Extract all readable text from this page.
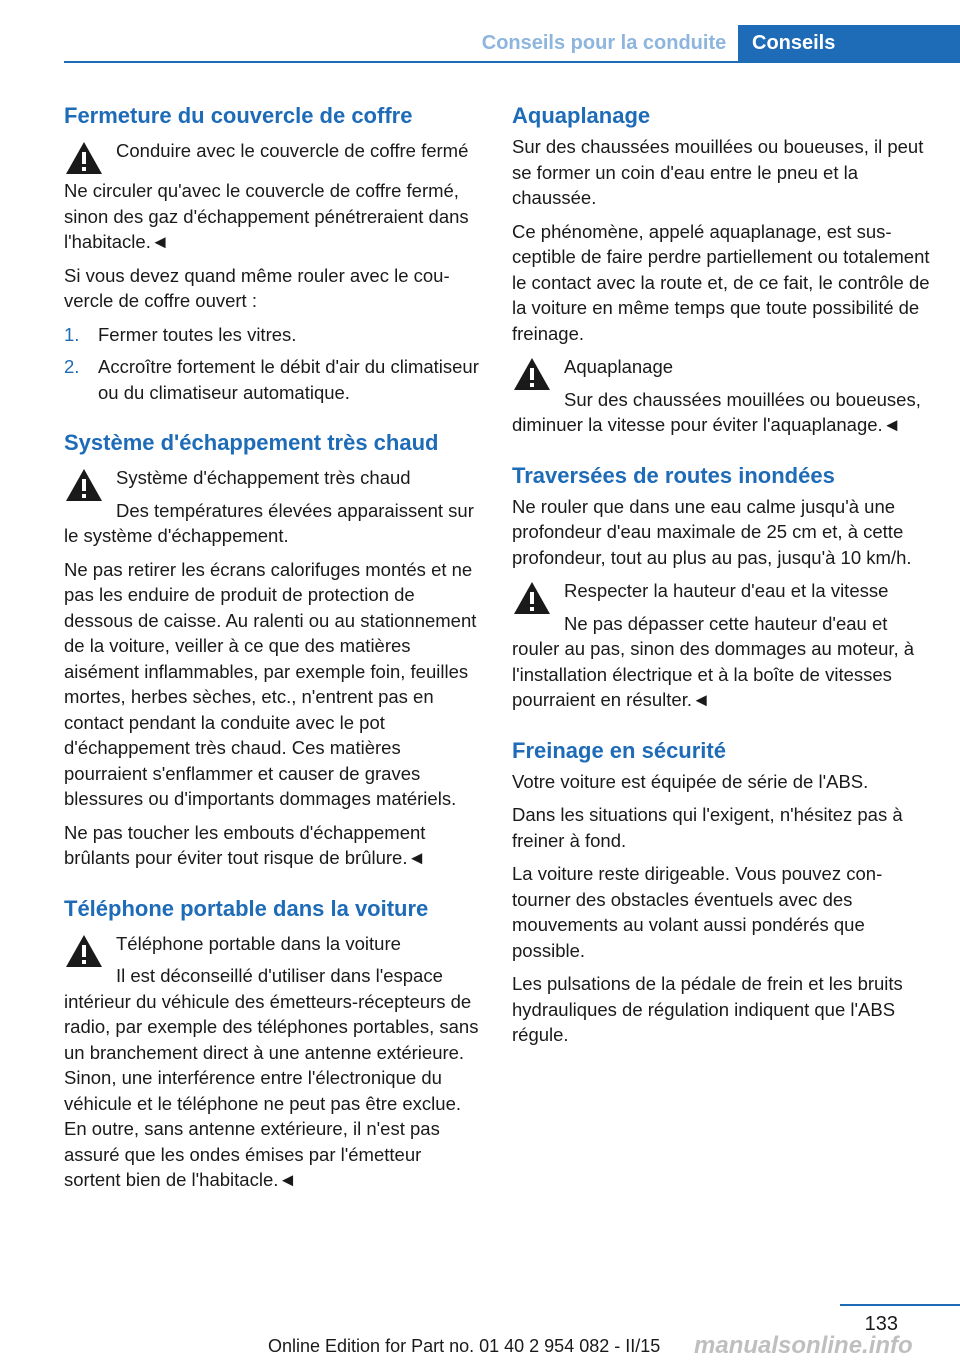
Conseils pour la conduite	Conseils
Fermeture du couvercle de coffre
Conduire avec le couvercle de coffre fermé
Ne circuler qu'avec le couvercle de coffre fermé, sinon des gaz d'échappement pénétreraient dans l'habitacle.◄

Si vous devez quand même rouler avec le couvercle de coffre ouvert :

1. Fermer toutes les vitres.
2. Accroître fortement le débit d'air du climatiseur ou du climatiseur automatique.
Système d'échappement très chaud
Système d'échappement très chaud
Des températures élevées apparaissent sur le système d'échappement.

Ne pas retirer les écrans calorifuges montés et ne pas les enduire de produit de protection de dessous de caisse. Au ralenti ou au stationnement de la voiture, veiller à ce que des matières aisément inflammables, par exemple foin, feuilles mortes, herbes sèches, etc., n'entrent pas en contact pendant la conduite avec le pot d'échappement très chaud. Ces matières pourraient s'enflammer et causer de graves blessures ou d'importants dommages matériels.

Ne pas toucher les embouts d'échappement brûlants pour éviter tout risque de brûlure.◄

Téléphone portable dans la voiture
Téléphone portable dans la voiture
Il est déconseillé d'utiliser dans l'espace intérieur du véhicule des émetteurs-récepteurs de radio, par exemple des téléphones portables, sans un branchement direct à une antenne extérieure. Sinon, une interférence entre l'électronique du véhicule et le téléphone ne peut pas être exclue. En outre, sans antenne extérieure, il n'est pas assuré que les ondes émises par l'émetteur sortent bien de l'habitacle.◄
Aquaplanage

Sur des chaussées mouillées ou boueuses, il peut se former un coin d'eau entre le pneu et la chaussée.

Ce phénomène, appelé aquaplanage, est susceptible de faire perdre partiellement ou totalement le contact avec la route et, de ce fait, le contrôle de la voiture en même temps que toute possibilité de freinage.

Aquaplanage
Sur des chaussées mouillées ou boueuses, diminuer la vitesse pour éviter l'aquaplanage.◄
Traversées de routes inondées

Ne rouler que dans une eau calme jusqu'à une profondeur d'eau maximale de 25 cm et, à cette profondeur, tout au plus au pas, jusqu'à 10 km/h.

Respecter la hauteur d'eau et la vitesse
Ne pas dépasser cette hauteur d'eau et rouler au pas, sinon des dommages au moteur, à l'installation électrique et à la boîte de vitesses pourraient en résulter.◄
Freinage en sécurité

Votre voiture est équipée de série de l'ABS.

Dans les situations qui l'exigent, n'hésitez pas à freiner à fond.

La voiture reste dirigeable. Vous pouvez contourner des obstacles éventuels avec des mouvements au volant aussi pondérés que possible.

Les pulsations de la pédale de frein et les bruits hydrauliques de régulation indiquent que l'ABS régule.

133
Online Edition for Part no. 01 40 2 954 082 - II/15 manualsonline.info
